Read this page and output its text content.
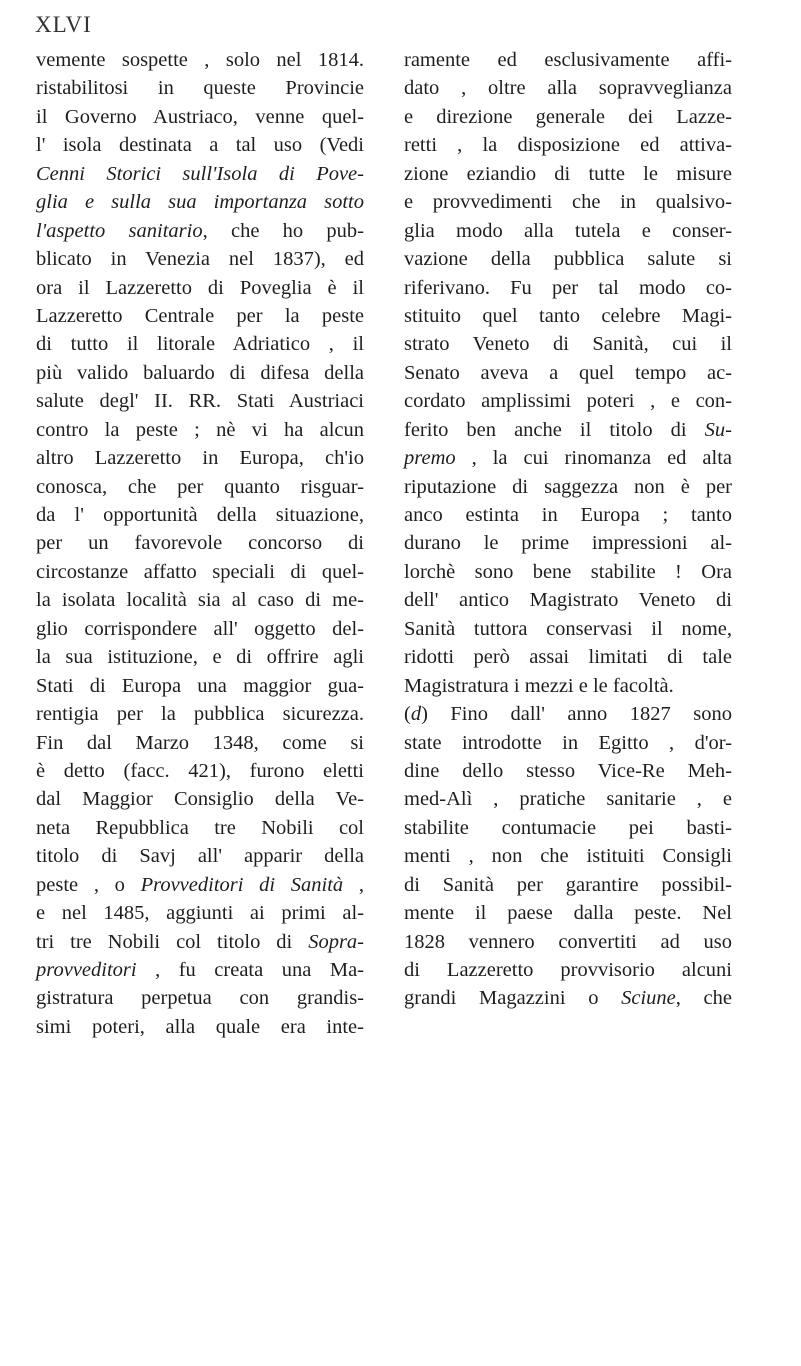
XLVI
vemente sospette , solo nel 1814.
ristabilitosi in queste Provincie
il Governo Austriaco, venne quel-
l' isola destinata a tal uso (Vedi
Cenni Storici sull'Isola di Pove-
glia e sulla sua importanza sotto
l'aspetto sanitario, che ho pub-
blicato in Venezia nel 1837), ed
ora il Lazzeretto di Poveglia è il
Lazzeretto Centrale per la peste
di tutto il litorale Adriatico , il
più valido baluardo di difesa della
salute degl' II. RR. Stati Austriaci
contro la peste ; nè vi ha alcun
altro Lazzeretto in Europa, ch'io
conosca, che per quanto risguar-
da l' opportunità della situazione,
per un favorevole concorso di
circostanze affatto speciali di quel-
la isolata località sia al caso di me-
glio corrispondere all' oggetto del-
la sua istituzione, e di offrire agli
Stati di Europa una maggior gua-
rentigia per la pubblica sicurezza.
Fin dal Marzo 1348, come si
è detto (facc. 421), furono eletti
dal Maggior Consiglio della Ve-
neta Repubblica tre Nobili col
titolo di Savj all' apparir della
peste , o Provveditori di Sanità ,
e nel 1485, aggiunti ai primi al-
tri tre Nobili col titolo di Sopra-
provveditori , fu creata una Ma-
gistratura perpetua con grandis-
simi poteri, alla quale era inte-
ramente ed esclusivamente affi-
dato , oltre alla sopravveglianza
e direzione generale dei Lazze-
retti , la disposizione ed attiva-
zione eziandio di tutte le misure
e provvedimenti che in qualsivo-
glia modo alla tutela e conser-
vazione della pubblica salute si
riferivano. Fu per tal modo co-
stituito quel tanto celebre Magi-
strato Veneto di Sanità, cui il
Senato aveva a quel tempo ac-
cordato amplissimi poteri , e con-
ferito ben anche il titolo di Su-
premo , la cui rinomanza ed alta
riputazione di saggezza non è per
anco estinta in Europa ; tanto
durano le prime impressioni al-
lorchè sono bene stabilite ! Ora
dell' antico Magistrato Veneto di
Sanità tuttora conservasi il nome,
ridotti però assai limitati di tale
Magistratura i mezzi e le facoltà.
(d) Fino dall' anno 1827 sono
state introdotte in Egitto , d'or-
dine dello stesso Vice-Re Meh-
med-Alì , pratiche sanitarie , e
stabilite contumacie pei basti-
menti , non che istituiti Consigli
di Sanità per garantire possibil-
mente il paese dalla peste. Nel
1828 vennero convertiti ad uso
di Lazzeretto provvisorio alcuni
grandi Magazzini o Sciune, che
